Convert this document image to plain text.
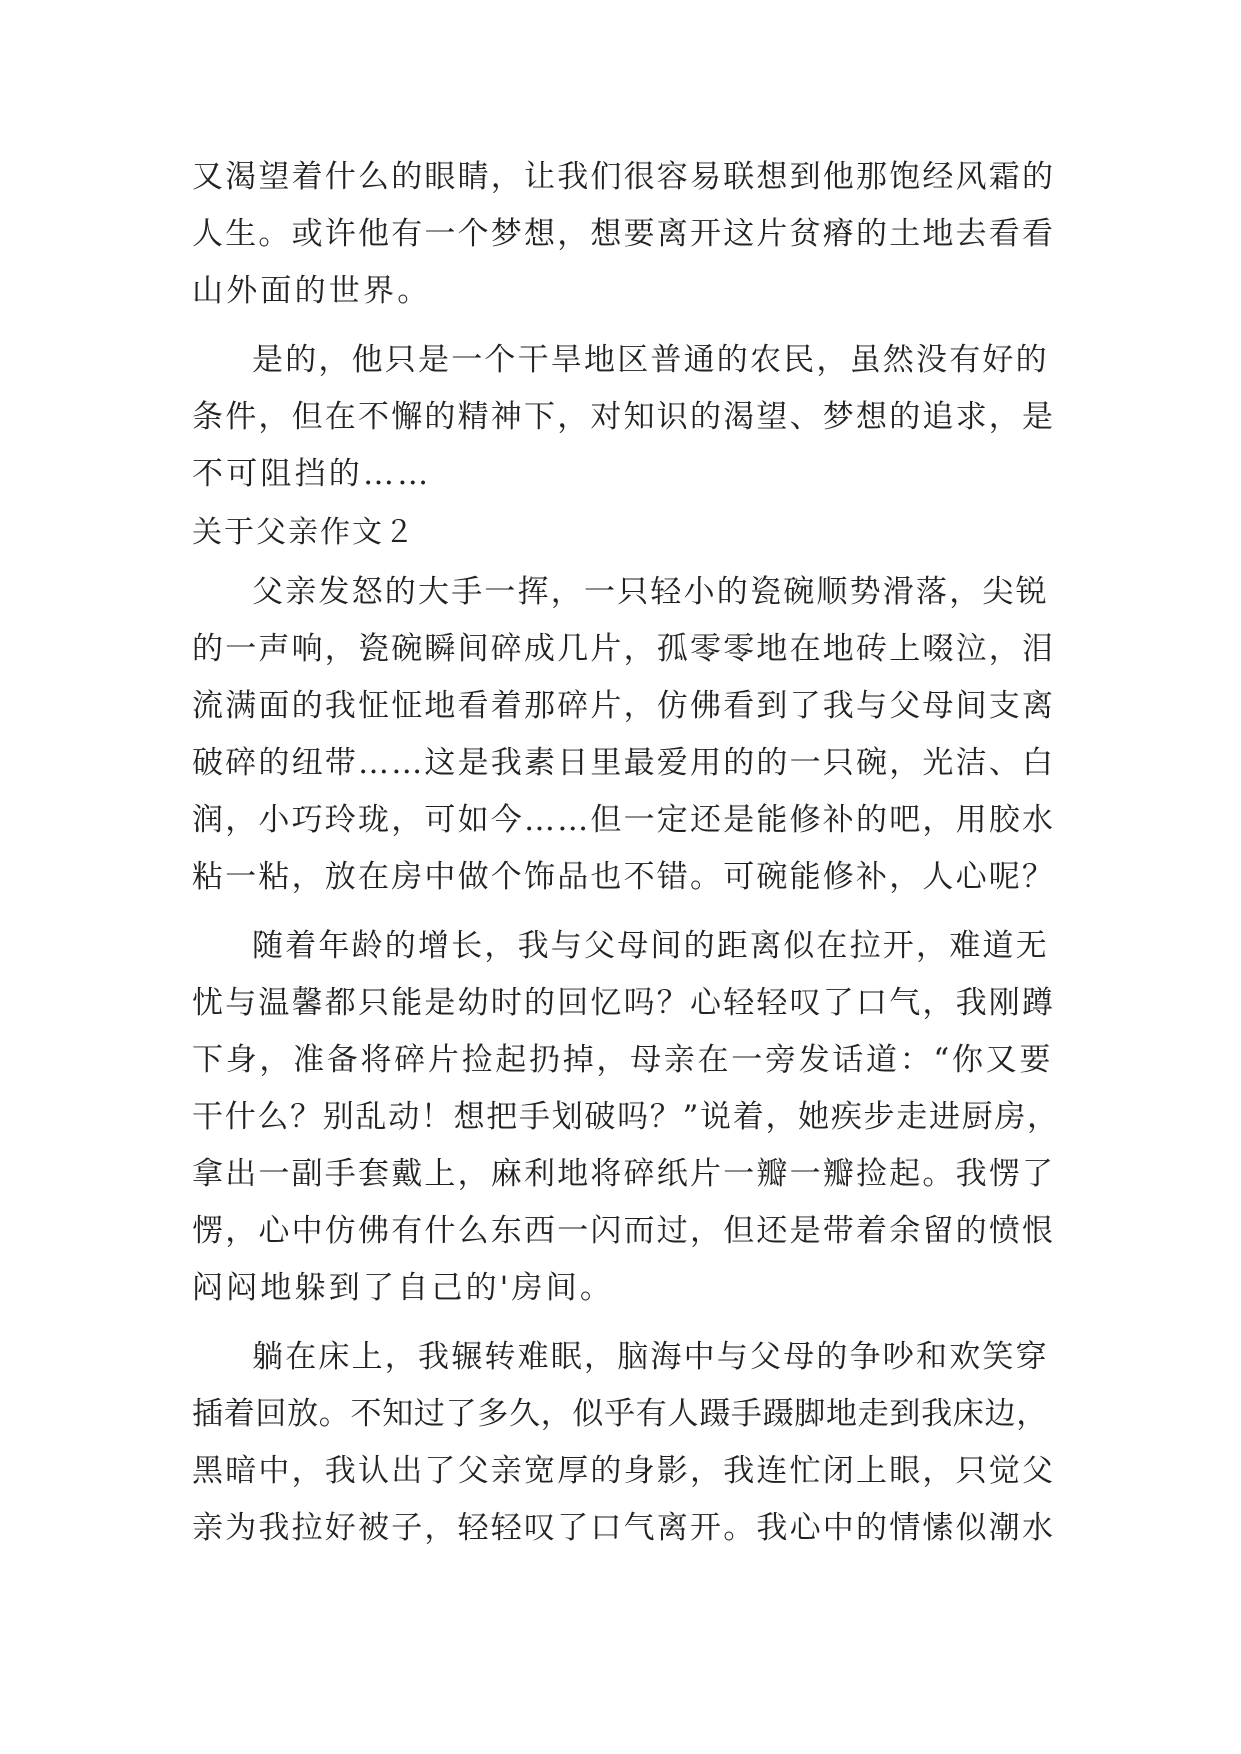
又渴望着什么的眼睛，让我们很容易联想到他那饱经风霜的
人生。或许他有一个梦想，想要离开这片贫瘠的土地去看看
山外面的世界。
是的，他只是一个干旱地区普通的农民，虽然没有好的
条件，但在不懈的精神下，对知识的渴望、梦想的追求，是
不可阻挡的……
关于父亲作文２
父亲发怒的大手一挥，一只轻小的瓷碗顺势滑落，尖锐
的一声响，瓷碗瞬间碎成几片，孤零零地在地砖上啜泣，泪
流满面的我怔怔地看着那碎片，仿佛看到了我与父母间支离
破碎的纽带……这是我素日里最爱用的的一只碗，光洁、白
润，小巧玲珑，可如今……但一定还是能修补的吧，用胶水
粘一粘，放在房中做个饰品也不错。可碗能修补，人心呢？
随着年龄的增长，我与父母间的距离似在拉开，难道无
忧与温馨都只能是幼时的回忆吗？心轻轻叹了口气，我刚蹲
下身，准备将碎片捡起扔掉，母亲在一旁发话道：“你又要
干什么？别乱动！想把手划破吗？”说着，她疾步走进厨房，
拿出一副手套戴上，麻利地将碎纸片一瓣一瓣捡起。我愣了
愣，心中仿佛有什么东西一闪而过，但还是带着余留的愤恨
闷闷地躲到了自己的'房间。
躺在床上，我辗转难眠，脑海中与父母的争吵和欢笑穿
插着回放。不知过了多久，似乎有人蹑手蹑脚地走到我床边，
黑暗中，我认出了父亲宽厚的身影，我连忙闭上眼，只觉父
亲为我拉好被子，轻轻叹了口气离开。我心中的情愫似潮水
